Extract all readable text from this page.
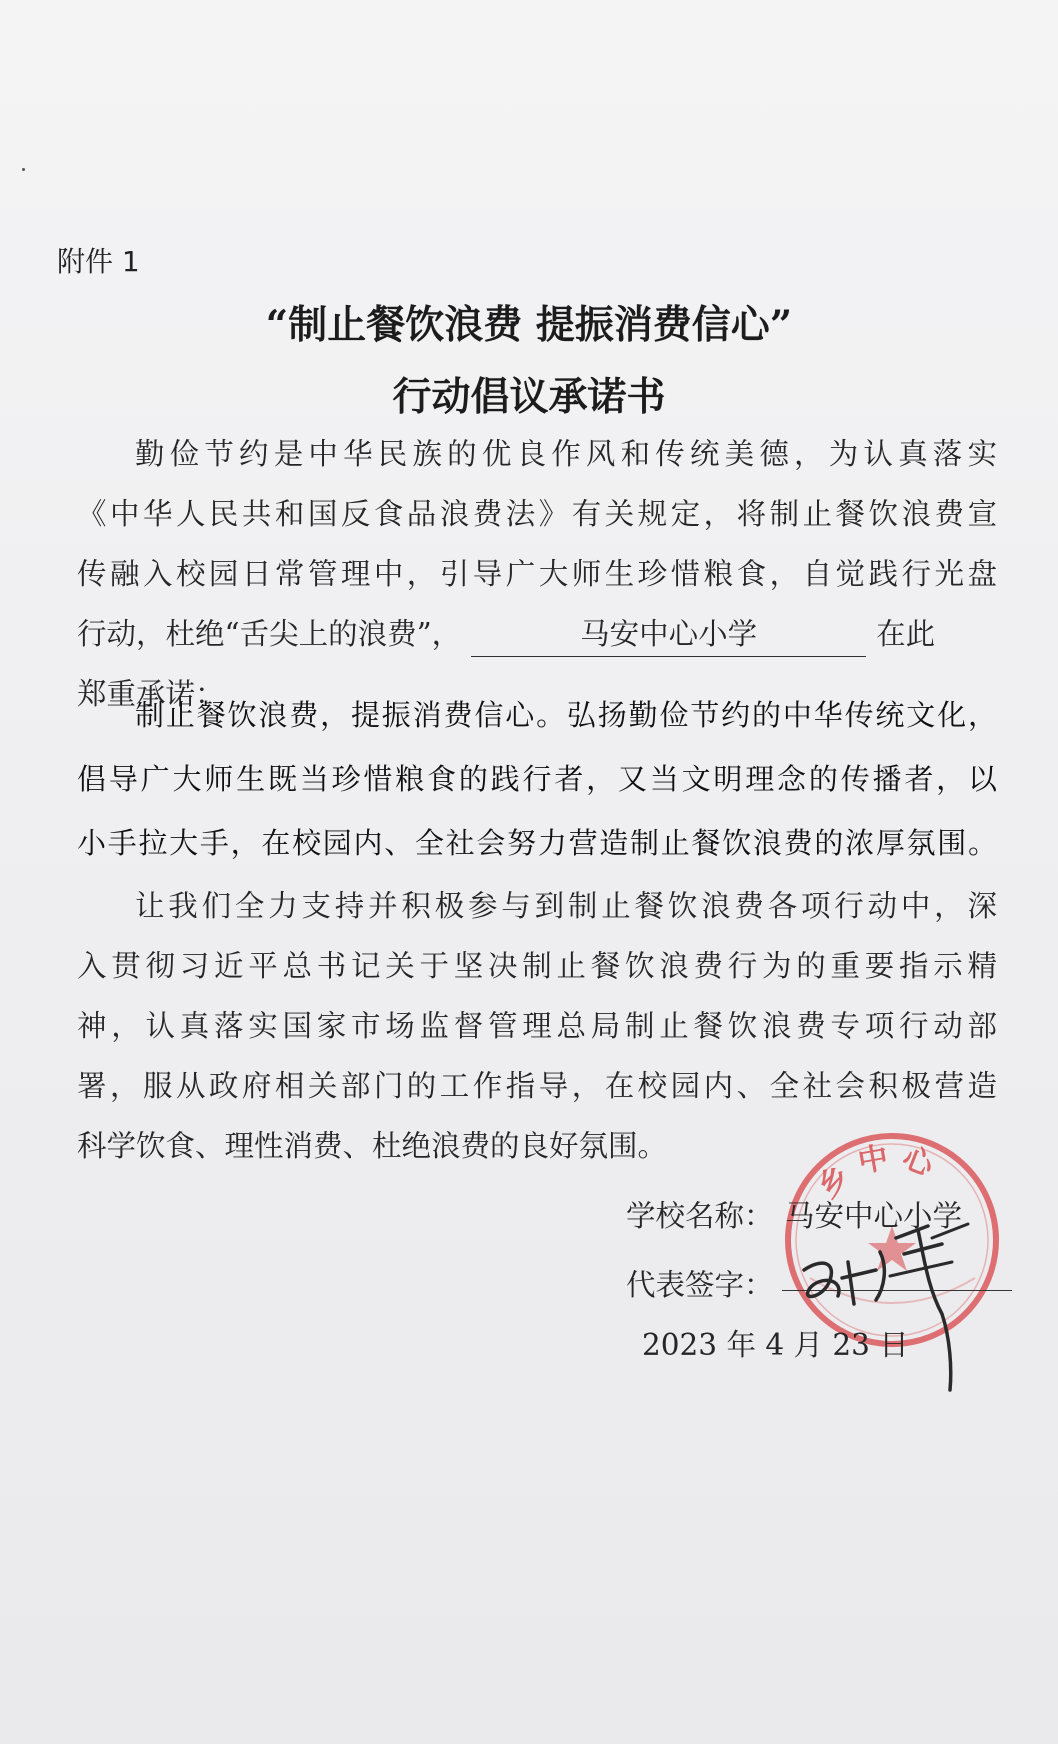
附件 1
“制止餐饮浪费 提振消费信心”
行动倡议承诺书
勤俭节约是中华民族的优良作风和传统美德，为认真落实
《中华人民共和国反食品浪费法》有关规定，将制止餐饮浪费宣
传融入校园日常管理中，引导广大师生珍惜粮食，自觉践行光盘
行动，杜绝“舌尖上的浪费”，	马安中心小学	在此
郑重承诺：
制止餐饮浪费，提振消费信心。弘扬勤俭节约的中华传统文化，
倡导广大师生既当珍惜粮食的践行者，又当文明理念的传播者，以
小手拉大手，在校园内、全社会努力营造制止餐饮浪费的浓厚氛围。
让我们全力支持并积极参与到制止餐饮浪费各项行动中，深
入贯彻习近平总书记关于坚决制止餐饮浪费行为的重要指示精
神，认真落实国家市场监督管理总局制止餐饮浪费专项行动部
署，服从政府相关部门的工作指导，在校园内、全社会积极营造
科学饮食、理性消费、杜绝浪费的良好氛围。
乡中心
学校名称： 马安中心小学
代表签字：
2023 年 4 月 23 日
